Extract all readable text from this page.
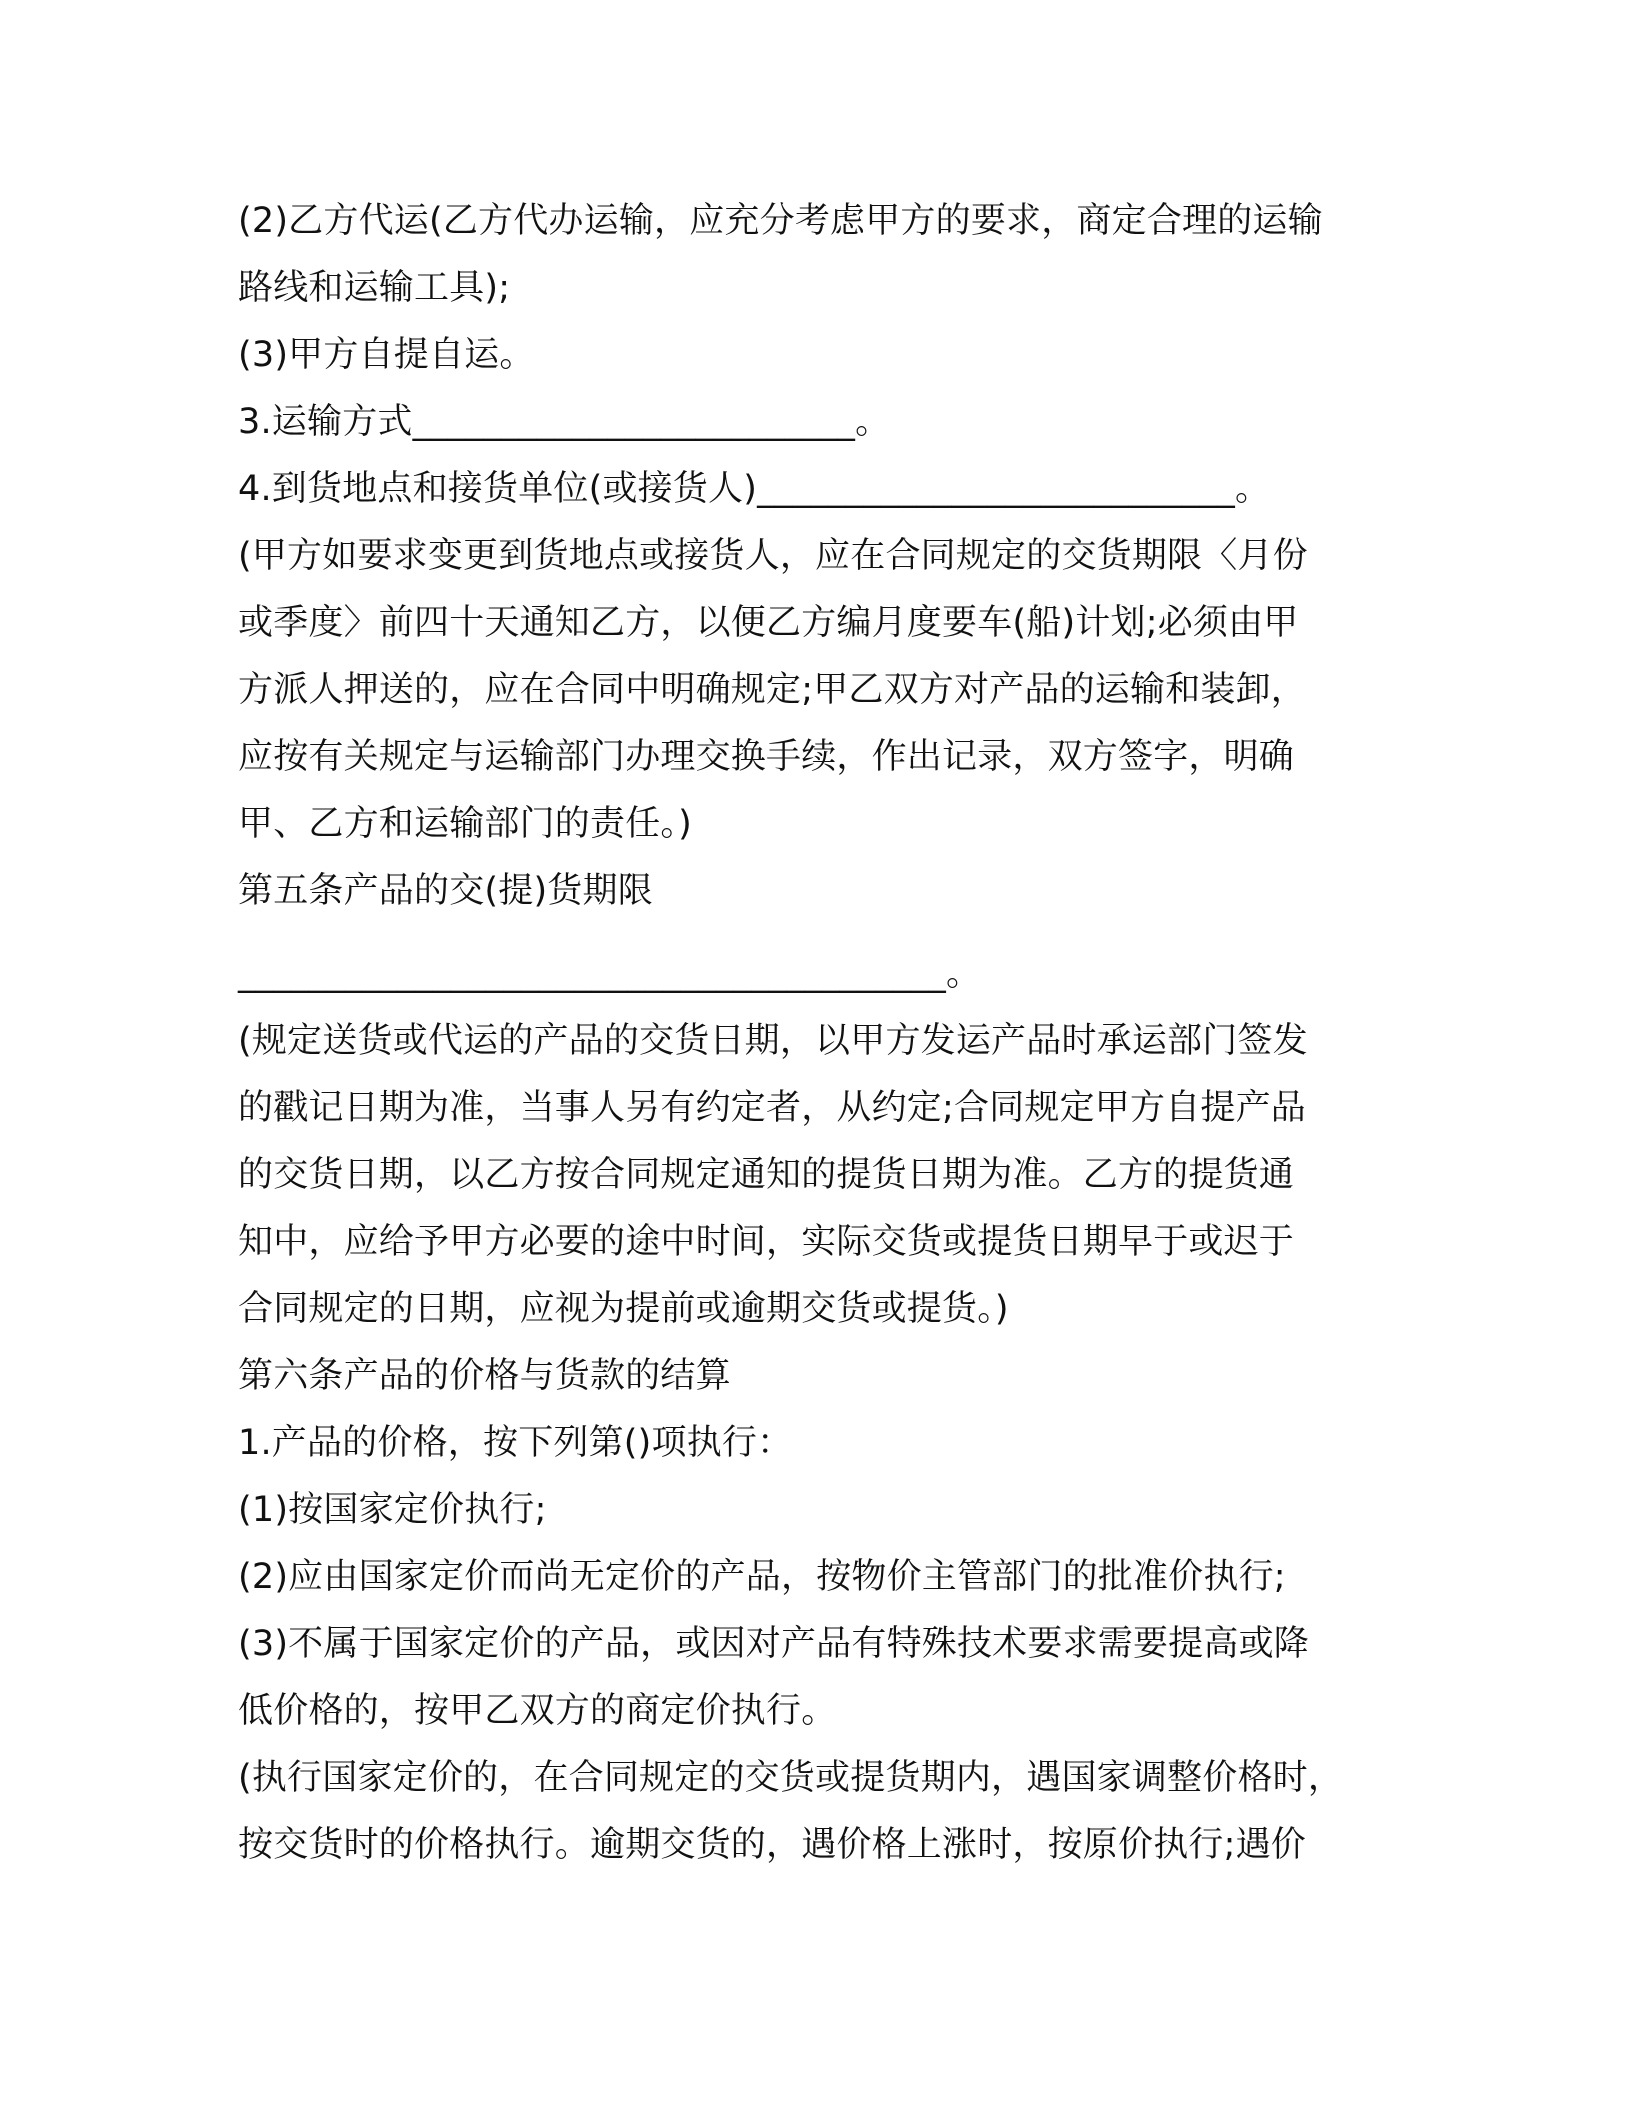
(2)乙方代运(乙方代办运输，应充分考虑甲方的要求，商定合理的运输
路线和运输工具);
(3)甲方自提自运。
3.运输方式_________________________。
4.到货地点和接货单位(或接货人)___________________________。
(甲方如要求变更到货地点或接货人，应在合同规定的交货期限〈月份
或季度〉前四十天通知乙方，以便乙方编月度要车(船)计划;必须由甲
方派人押送的，应在合同中明确规定;甲乙双方对产品的运输和装卸，
应按有关规定与运输部门办理交换手续，作出记录，双方签字，明确
甲、乙方和运输部门的责任。)
第五条产品的交(提)货期限
________________________________________。
(规定送货或代运的产品的交货日期，以甲方发运产品时承运部门签发
的戳记日期为准，当事人另有约定者，从约定;合同规定甲方自提产品
的交货日期，以乙方按合同规定通知的提货日期为准。乙方的提货通
知中，应给予甲方必要的途中时间，实际交货或提货日期早于或迟于
合同规定的日期，应视为提前或逾期交货或提货。)
第六条产品的价格与货款的结算
1.产品的价格，按下列第()项执行：
(1)按国家定价执行;
(2)应由国家定价而尚无定价的产品，按物价主管部门的批准价执行;
(3)不属于国家定价的产品，或因对产品有特殊技术要求需要提高或降
低价格的，按甲乙双方的商定价执行。
(执行国家定价的，在合同规定的交货或提货期内，遇国家调整价格时，
按交货时的价格执行。逾期交货的，遇价格上涨时，按原价执行;遇价
